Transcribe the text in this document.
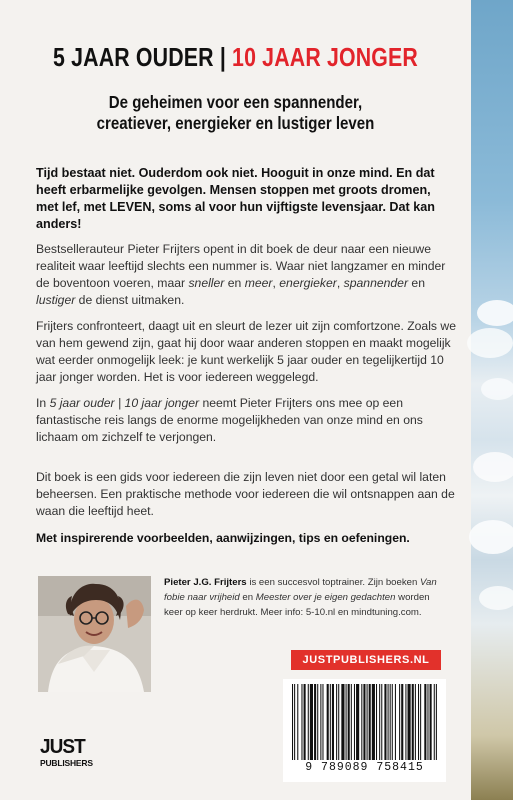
5 JAAR OUDER | 10 JAAR JONGER
De geheimen voor een spannender,
creatiever, energieker en lustiger leven
Tijd bestaat niet. Ouderdom ook niet. Hooguit in onze mind. En dat heeft erbarmelijke gevolgen. Mensen stoppen met groots dromen, met lef, met LEVEN, soms al voor hun vijftigste levensjaar. Dat kan anders!
Bestsellerauteur Pieter Frijters opent in dit boek de deur naar een nieuwe realiteit waar leeftijd slechts een nummer is. Waar niet langzamer en minder de boventoon voeren, maar sneller en meer, energieker, spannender en lustiger de dienst uitmaken.
Frijters confronteert, daagt uit en sleurt de lezer uit zijn comfortzone. Zoals we van hem gewend zijn, gaat hij door waar anderen stoppen en maakt mogelijk wat eerder onmogelijk leek: je kunt werkelijk 5 jaar ouder en tegelijkertijd 10 jaar jonger worden. Het is voor iedereen weggelegd.
In 5 jaar ouder | 10 jaar jonger neemt Pieter Frijters ons mee op een fantastische reis langs de enorme mogelijkheden van onze mind en ons lichaam om zichzelf te verjongen.
Dit boek is een gids voor iedereen die zijn leven niet door een getal wil laten beheersen. Een praktische methode voor iedereen die wil ontsnappen aan de waan die leeftijd heet.
Met inspirerende voorbeelden, aanwijzingen, tips en oefeningen.
Pieter J.G. Frijters is een succesvol toptrainer. Zijn boeken Van fobie naar vrijheid en Meester over je eigen gedachten worden keer op keer herdrukt. Meer info: 5-10.nl en mindtuning.com.
JUSTPUBLISHERS.NL
9 789089 758415
JUST
PUBLISHERS
